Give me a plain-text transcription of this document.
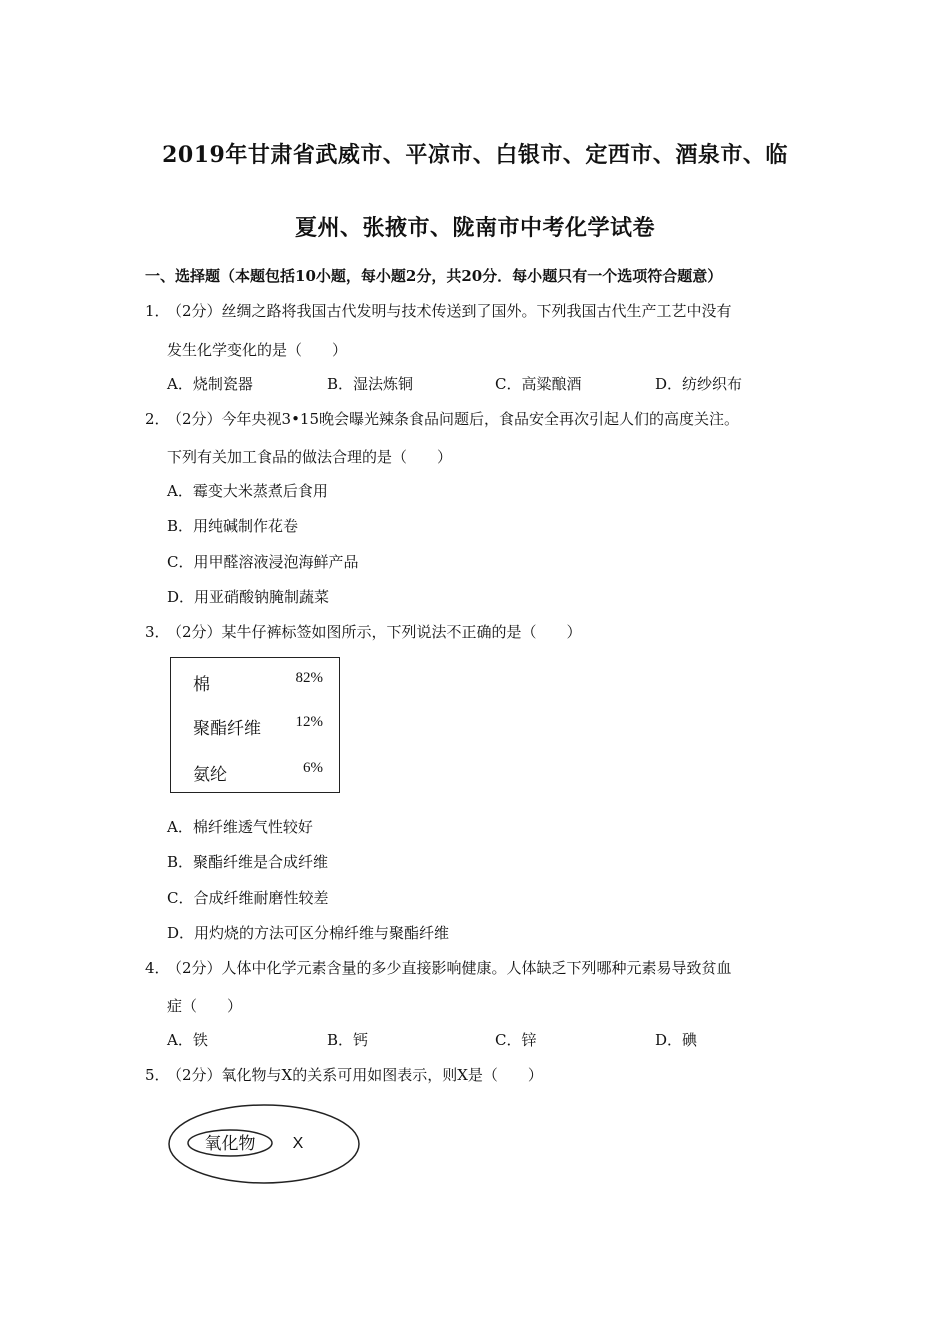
2019年甘肃省武威市、平凉市、白银市、定西市、酒泉市、临
夏州、张掖市、陇南市中考化学试卷
一、选择题（本题包括10小题，每小题2分，共20分．每小题只有一个选项符合题意）
1．（2分）丝绸之路将我国古代发明与技术传送到了国外。下列我国古代生产工艺中没有
发生化学变化的是（　　）
A．烧制瓷器	B．湿法炼铜	C．高粱酿酒	D．纺纱织布
2．（2分）今年央视3•15晚会曝光辣条食品问题后，食品安全再次引起人们的高度关注。
下列有关加工食品的做法合理的是（　　）
A．霉变大米蒸煮后食用
B．用纯碱制作花卷
C．用甲醛溶液浸泡海鲜产品
D．用亚硝酸钠腌制蔬菜
3．（2分）某牛仔裤标签如图所示，下列说法不正确的是（　　）
棉	82%
聚酯纤维 12%
氨纶	6%
A．棉纤维透气性较好
B．聚酯纤维是合成纤维
C．合成纤维耐磨性较差
D．用灼烧的方法可区分棉纤维与聚酯纤维
4．（2分）人体中化学元素含量的多少直接影响健康。人体缺乏下列哪种元素易导致贫血
症（　　）
A．铁	B．钙	C．锌	D．碘
5．（2分）氧化物与X的关系可用如图表示，则X是（　　）
氧化物 X
